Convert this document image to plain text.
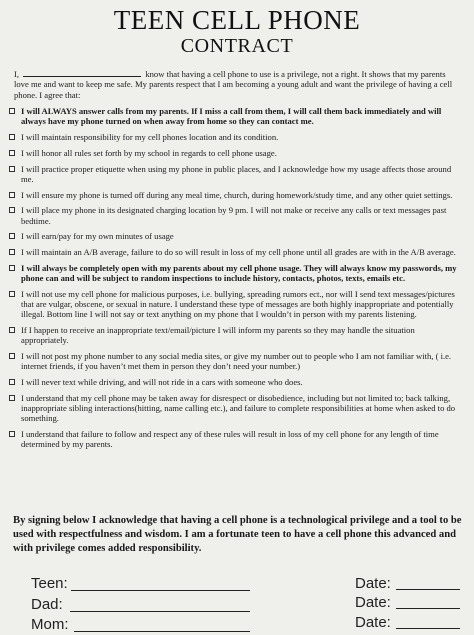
TEEN CELL PHONE
CONTRACT
I,	know that having a cell phone to use is a privilege, not a right. It shows that my parents love me and want to keep me safe. My parents respect that I am becoming a young adult and want the privilege of having a cell phone. I agree that:
I will ALWAYS answer calls from my parents. If I miss a call from them, I will call them back immediately and will always have my phone turned on when away from home so they can contact me.
I will maintain responsibility for my cell phones location and its condition.
I will honor all rules set forth by my school in regards to cell phone usage.
I will practice proper etiquette when using my phone in public places, and I acknowledge how my usage affects those around me.
I will ensure my phone is turned off during any meal time, church, during homework/study time, and any other quiet settings.
I will place my phone in its designated charging location by 9 pm. I will not make or receive any calls or text messages past bedtime.
I will earn/pay for my own minutes of usage
I will maintain an A/B average, failure to do so will result in loss of my cell phone until all grades are with in the A/B average.
I will always be completely open with my parents about my cell phone usage. They will always know my passwords, my phone can and will be subject to random inspections to include history, contacts, photos, texts, emails etc.
I will not use my cell phone for malicious purposes, i.e. bullying, spreading rumors ect., nor will I send text messages/pictures that are vulgar, obscene, or sexual in nature. I understand these type of messages are both highly inappropriate and potentially illegal. Bottom line I will not say or text anything on my phone that I wouldn’t in person with my parents listening.
If I happen to receive an inappropriate text/email/picture I will inform my parents so they may handle the situation appropriately.
I will not post my phone number to any social media sites, or give my number out to people who I am not familiar with, ( i.e. internet friends, if you haven’t met them in person they don’t need your number.)
I will never text while driving, and will not ride in a cars with someone who does.
I understand that my cell phone may be taken away for disrespect or disobedience, including but not limited to; back talking, inappropriate sibling interactions(hitting, name calling etc.), and failure to complete responsibilities at home when asked to do something.
I understand that failure to follow and respect any of these rules will result in loss of my cell phone for any length of time determined by my parents.
By signing below I acknowledge that having a cell phone is a technological privilege and a tool to be used with respectfulness and wisdom. I am a fortunate teen to have a cell phone this advanced and with privilege comes added responsibility.
Teen:	Date:
Dad:	Date:
Mom:	Date:
